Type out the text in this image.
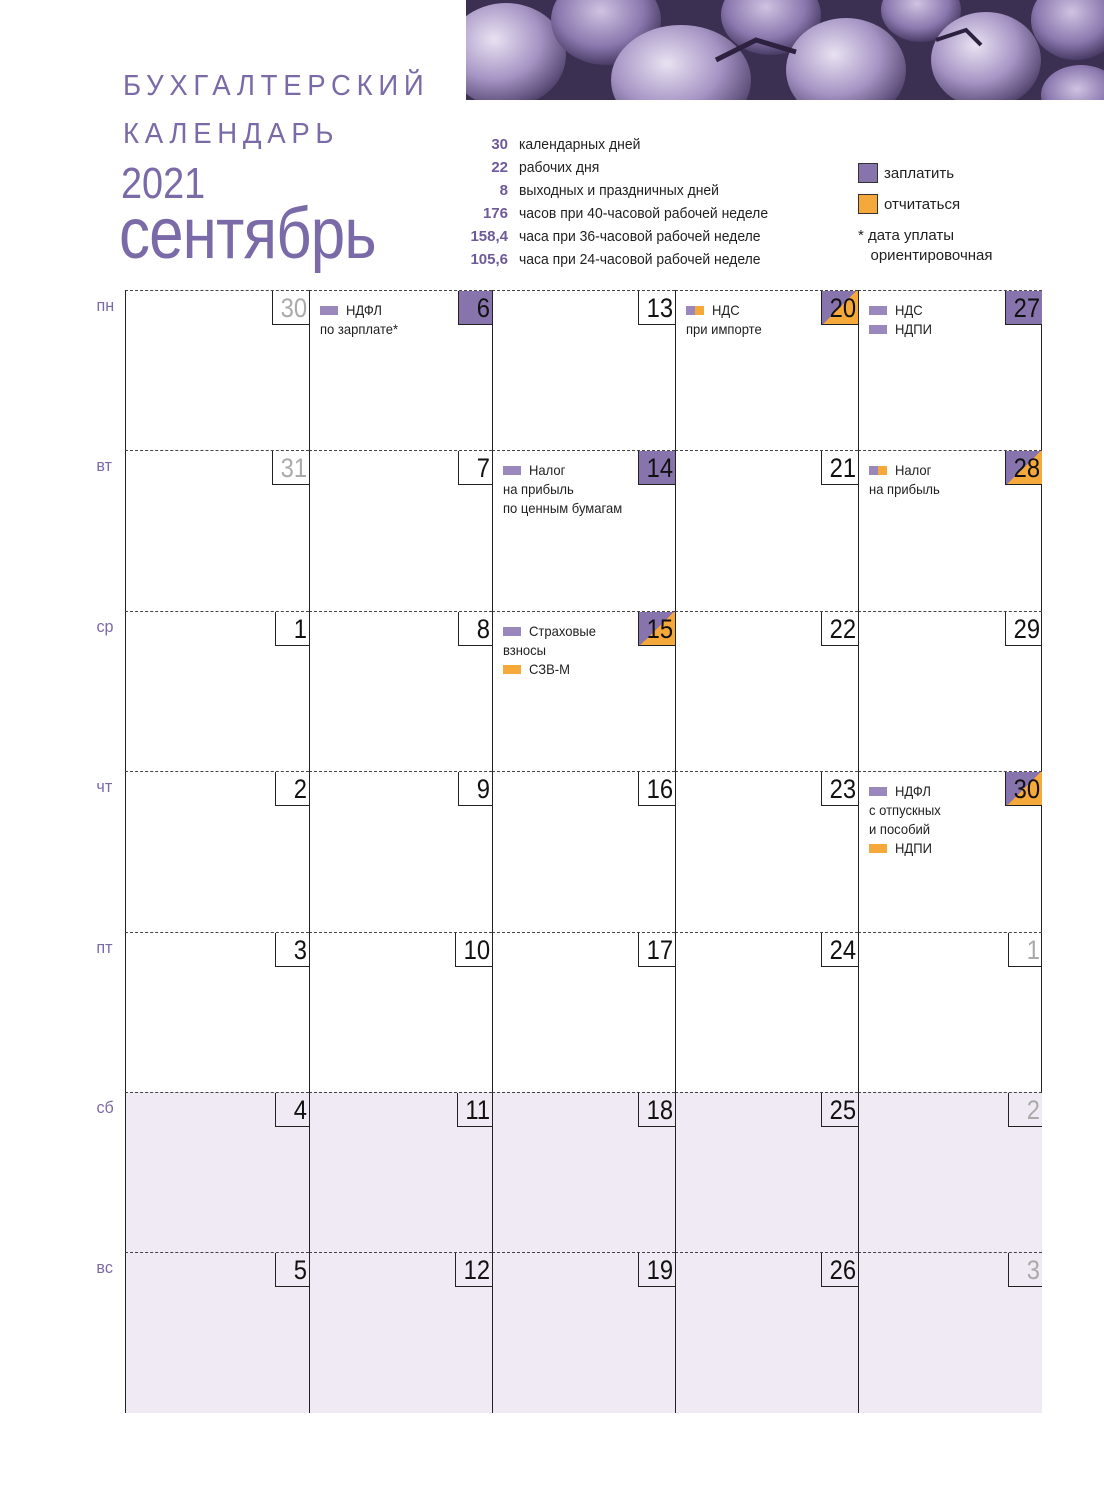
БУХГАЛТЕРСКИЙ
КАЛЕНДАРЬ
2021
сентябрь
30 календарных дней
22 рабочих дня
8 выходных и праздничных дней
176 часов при 40-часовой рабочей неделе
158,4 часа при 36-часовой рабочей неделе
105,6 часа при 24-часовой рабочей неделе
заплатить
отчитаться
* дата уплаты
ориентировочная
пн
вт
ср
чт
пт
сб
вс
30
31
1
2
3
4
5
6
НДФЛ
по зарплате*
7
8
9
10
11
12
13
14
Налог
на прибыль
по ценным бумагам
15
Страховые
взносы
СЗВ-М
16
17
18
19
20
НДС
при импорте
21
22
23
24
25
26
27
НДС
НДПИ
28
Налог
на прибыль
29
30
НДФЛ
с отпускных
и пособий
НДПИ
1
2
3
